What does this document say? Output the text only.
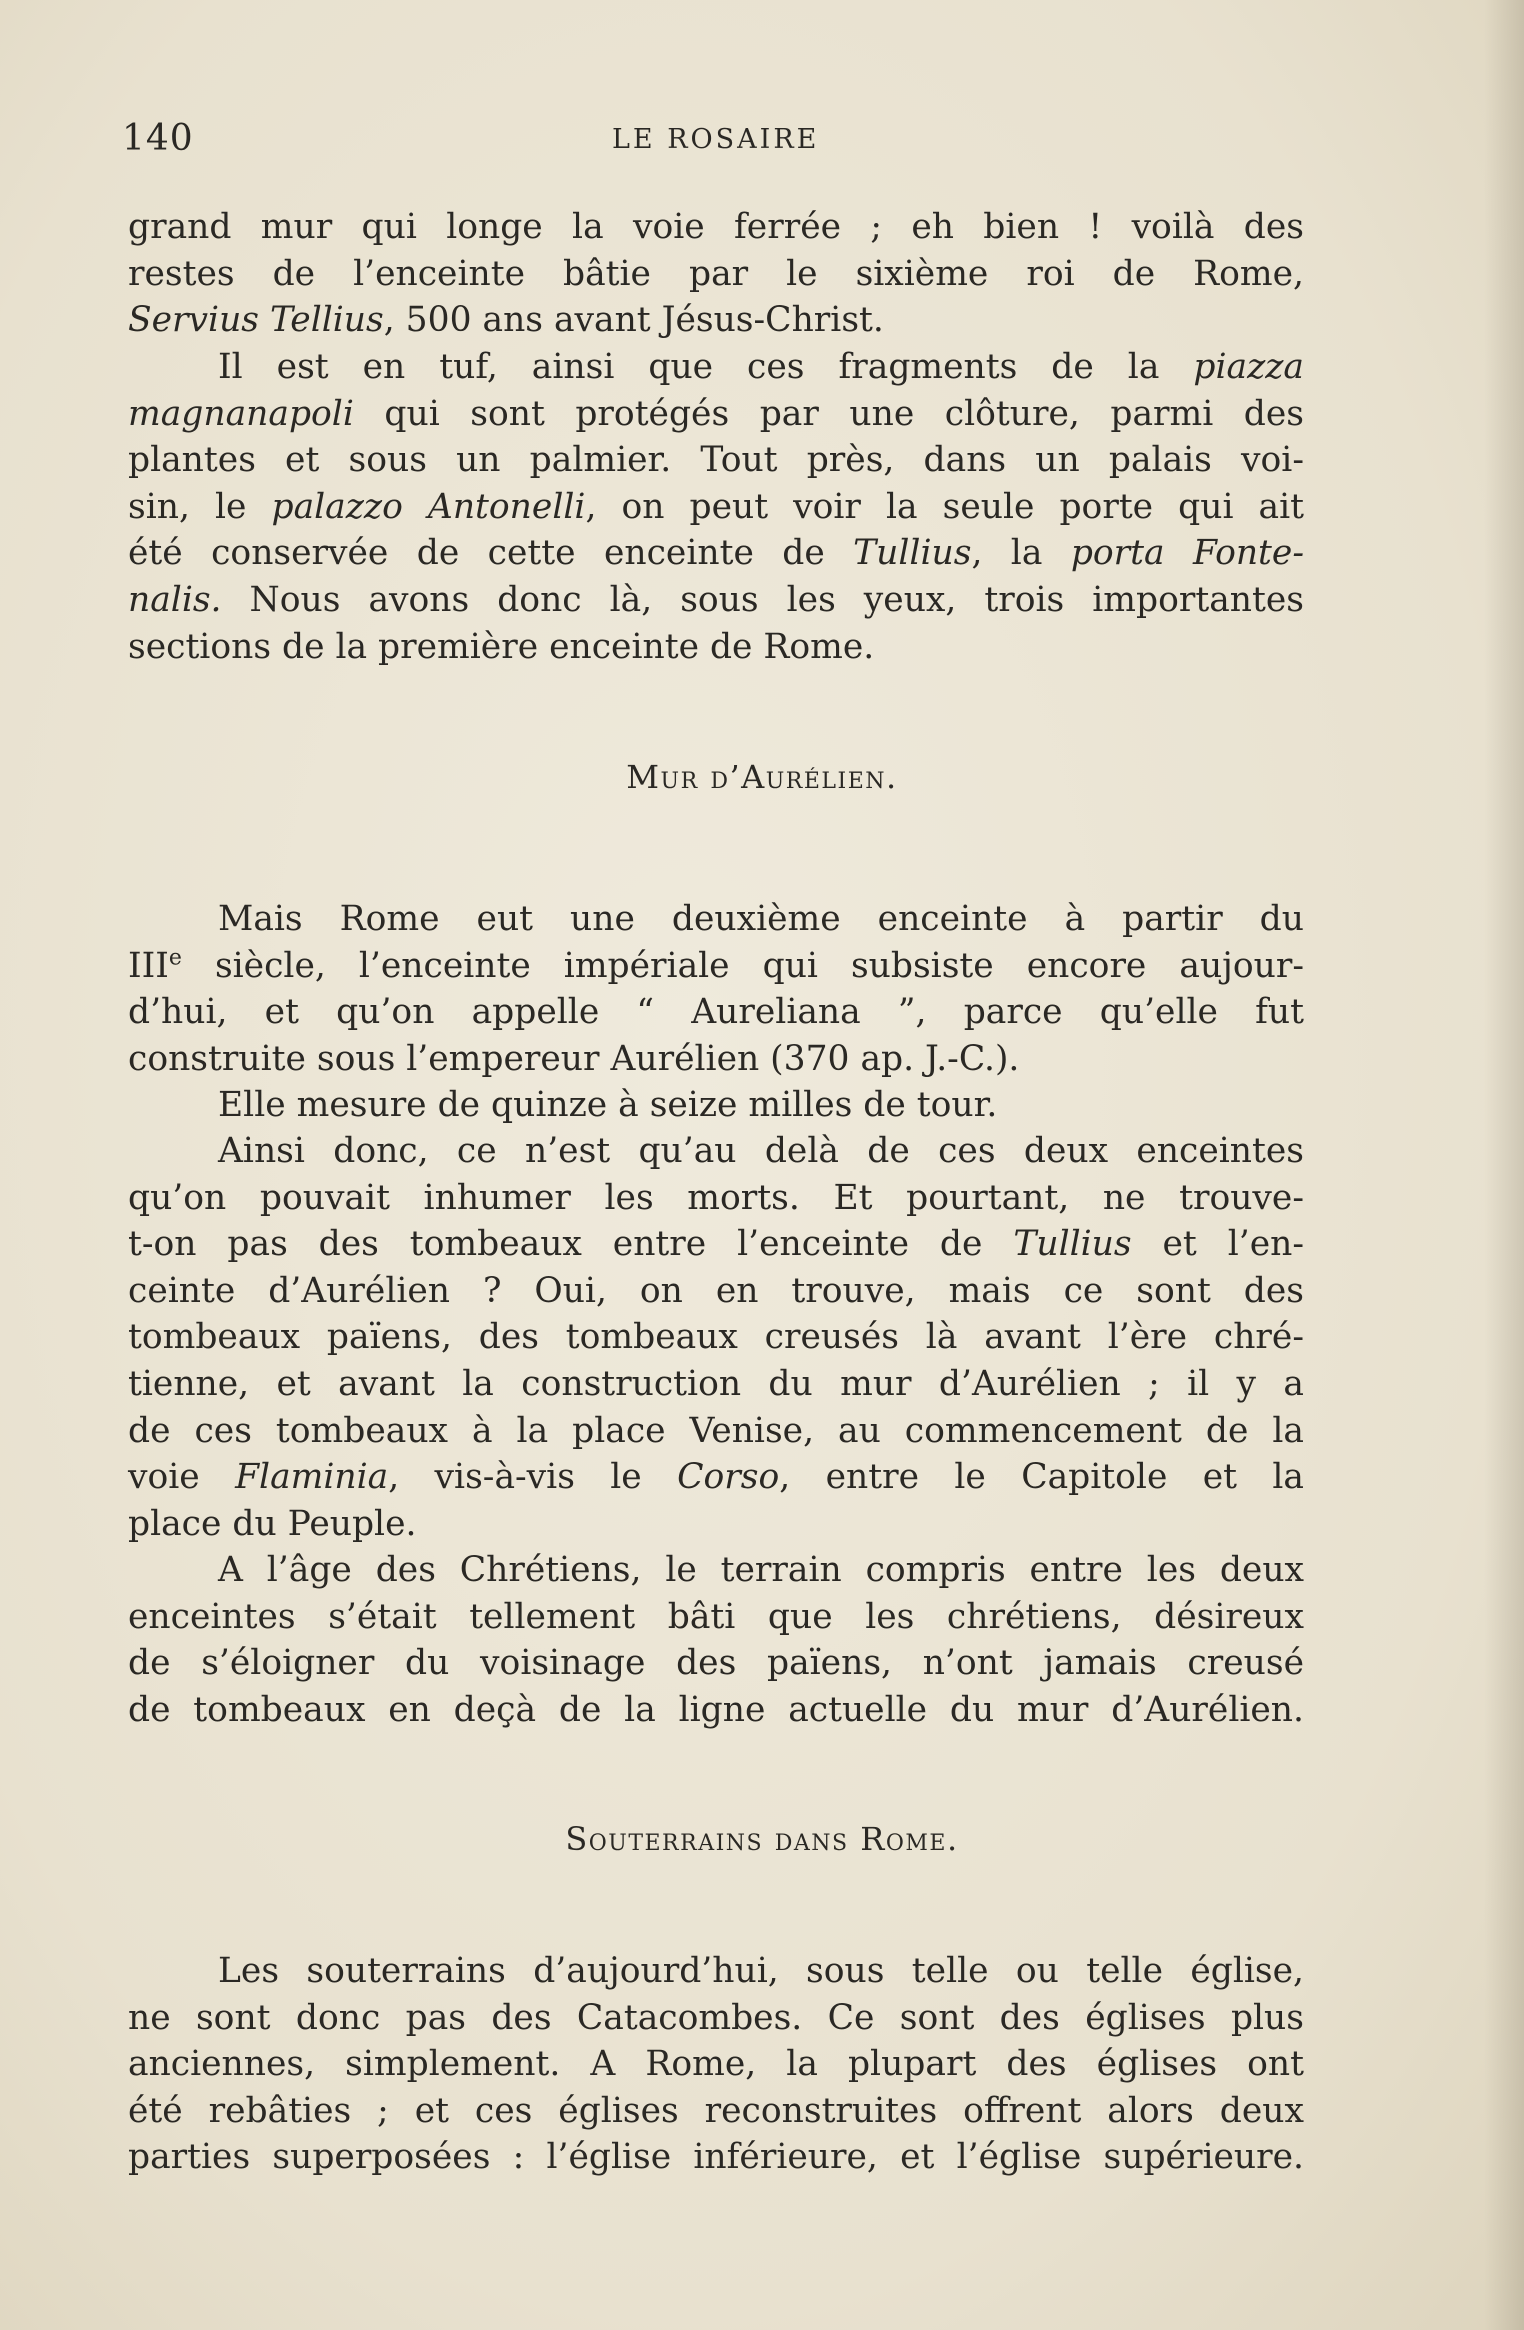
140	LE ROSAIRE
grand mur qui longe la voie ferrée ; eh bien ! voilà des
restes de l’enceinte bâtie par le sixième roi de Rome,
Servius Tellius, 500 ans avant Jésus-Christ.
Il est en tuf, ainsi que ces fragments de la piazza
magnanapoli qui sont protégés par une clôture, parmi des
plantes et sous un palmier. Tout près, dans un palais voi-
sin, le palazzo Antonelli, on peut voir la seule porte qui ait
été conservée de cette enceinte de Tullius, la porta Fonte-
nalis. Nous avons donc là, sous les yeux, trois importantes
sections de la première enceinte de Rome.
Mur d’Aurélien.
Mais Rome eut une deuxième enceinte à partir du
IIIe siècle, l’enceinte impériale qui subsiste encore aujour-
d’hui, et qu’on appelle “ Aureliana ”, parce qu’elle fut
construite sous l’empereur Aurélien (370 ap. J.-C.).
Elle mesure de quinze à seize milles de tour.
Ainsi donc, ce n’est qu’au delà de ces deux enceintes
qu’on pouvait inhumer les morts. Et pourtant, ne trouve-
t-on pas des tombeaux entre l’enceinte de Tullius et l’en-
ceinte d’Aurélien ? Oui, on en trouve, mais ce sont des
tombeaux païens, des tombeaux creusés là avant l’ère chré-
tienne, et avant la construction du mur d’Aurélien ; il y a
de ces tombeaux à la place Venise, au commencement de la
voie Flaminia, vis-à-vis le Corso, entre le Capitole et la
place du Peuple.
A l’âge des Chrétiens, le terrain compris entre les deux
enceintes s’était tellement bâti que les chrétiens, désireux
de s’éloigner du voisinage des païens, n’ont jamais creusé
de tombeaux en deçà de la ligne actuelle du mur d’Aurélien.
Souterrains dans Rome.
Les souterrains d’aujourd’hui, sous telle ou telle église,
ne sont donc pas des Catacombes. Ce sont des églises plus
anciennes, simplement. A Rome, la plupart des églises ont
été rebâties ; et ces églises reconstruites offrent alors deux
parties superposées : l’église inférieure, et l’église supérieure.
